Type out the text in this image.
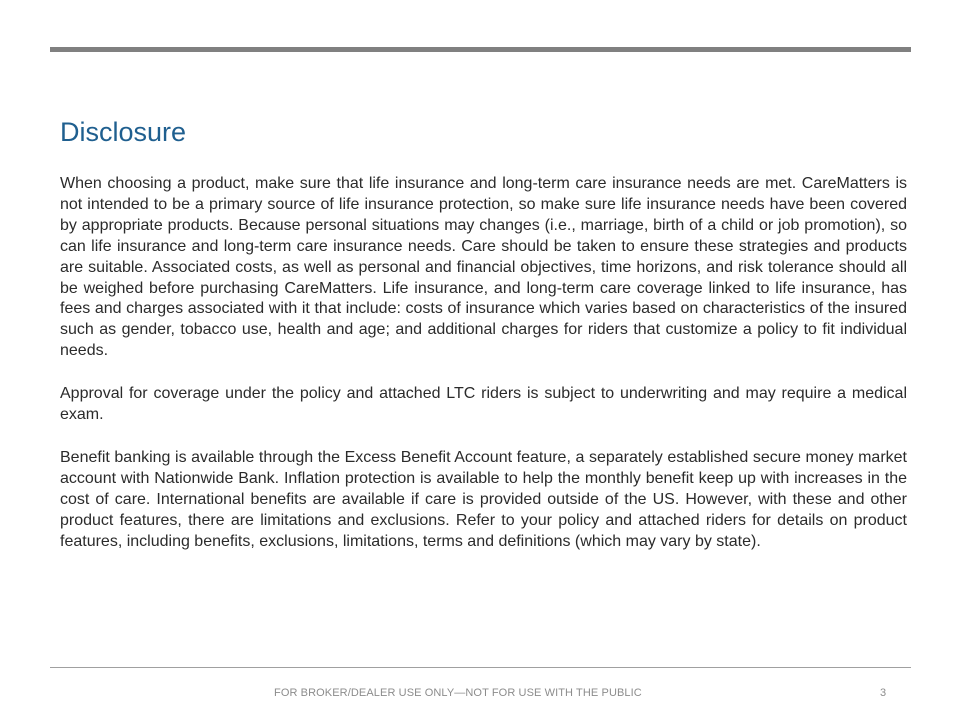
Disclosure

When choosing a product, make sure that life insurance and long-term care insurance needs are met. CareMatters is not intended to be a primary source of life insurance protection, so make sure life insurance needs have been covered by appropriate products. Because personal situations may changes (i.e., marriage, birth of a child or job promotion), so can life insurance and long-term care insurance needs. Care should be taken to ensure these strategies and products are suitable. Associated costs, as well as personal and financial objectives, time horizons, and risk tolerance should all be weighed before purchasing CareMatters. Life insurance, and long-term care coverage linked to life insurance, has fees and charges associated with it that include: costs of insurance which varies based on characteristics of the insured such as gender, tobacco use, health and age; and additional charges for riders that customize a policy to fit individual needs.

Approval for coverage under the policy and attached LTC riders is subject to underwriting and may require a medical exam.

Benefit banking is available through the Excess Benefit Account feature, a separately established secure money market account with Nationwide Bank. Inflation protection is available to help the monthly benefit keep up with increases in the cost of care. International benefits are available if care is provided outside of the US. However, with these and other product features, there are limitations and exclusions. Refer to your policy and attached riders for details on product features, including benefits, exclusions, limitations, terms and definitions (which may vary by state).

FOR BROKER/DEALER USE ONLY—NOT FOR USE WITH THE PUBLIC	3
